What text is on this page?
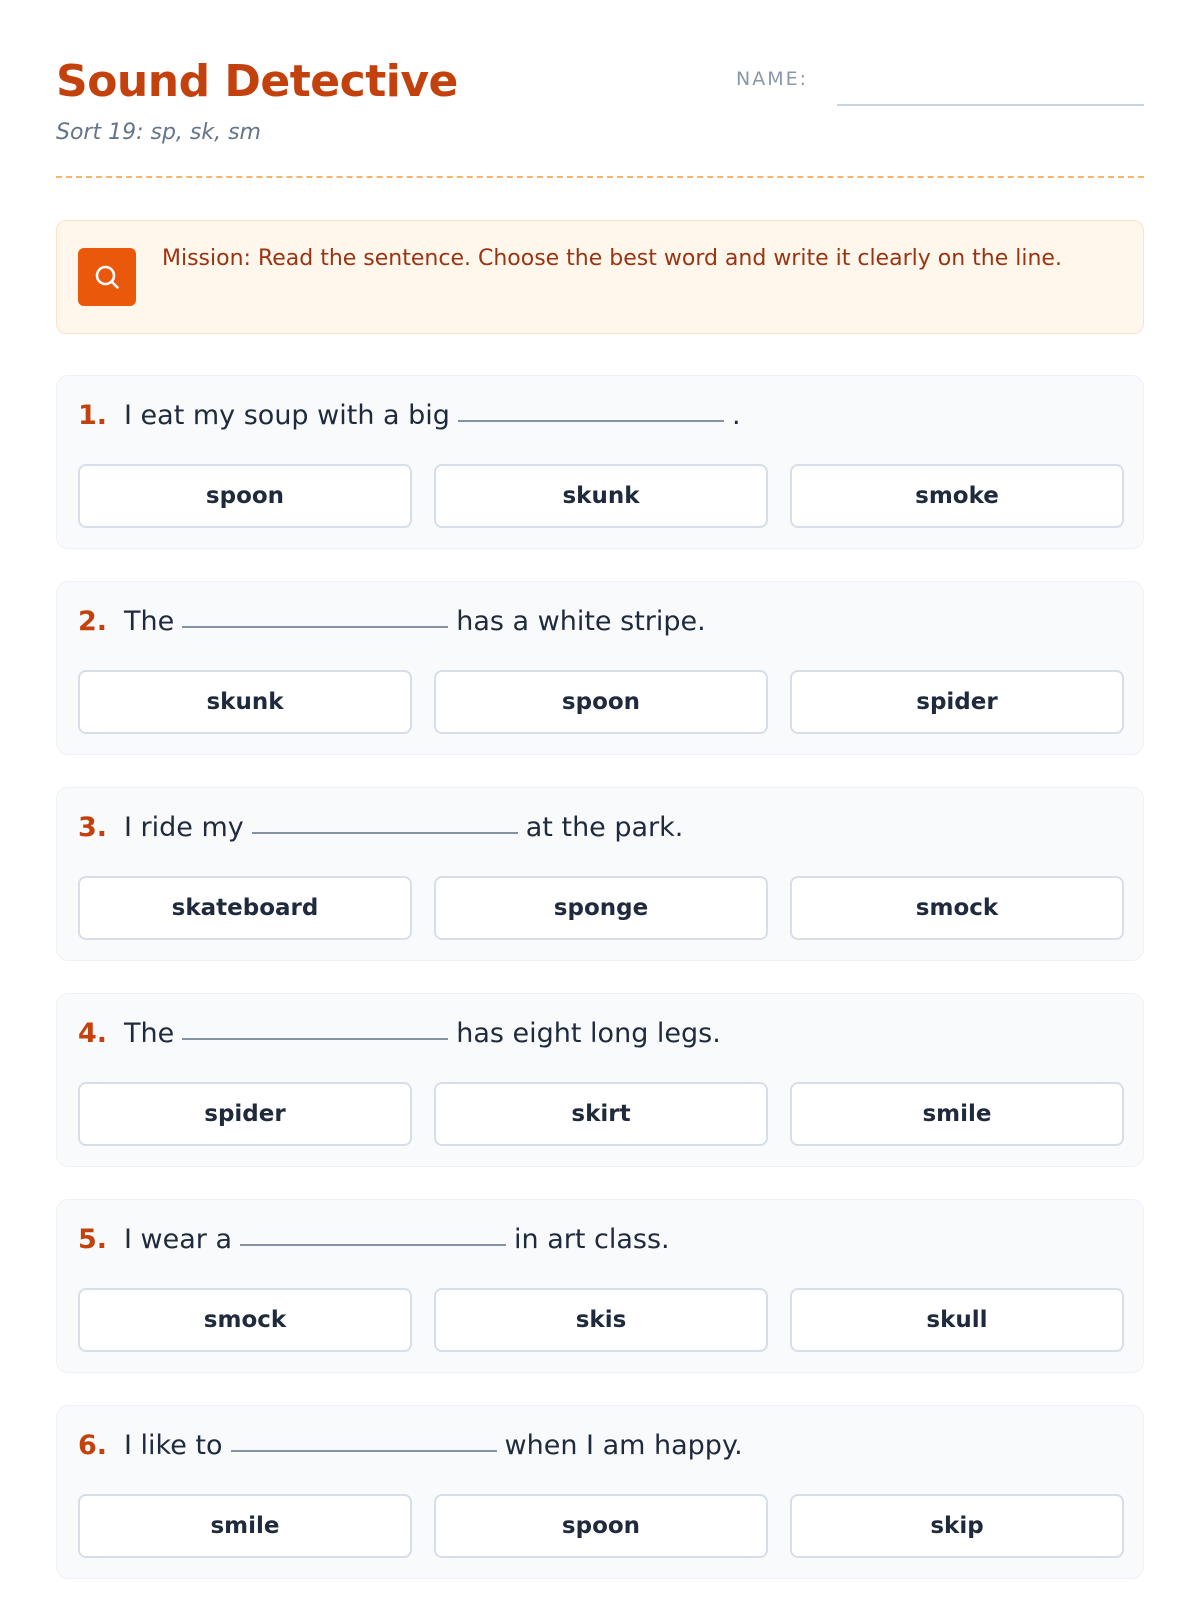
Sound Detective
Sort 19: sp, sk, sm
NAME:
Mission: Read the sentence. Choose the best word and write it clearly on the line.
1. I eat my soup with a big	.
spoon	skunk	smoke
2. The	has a white stripe.
skunk	spoon	spider
3. I ride my	at the park.
skateboard	sponge	smock
4. The	has eight long legs.
spider	skirt	smile
5. I wear a	in art class.
smock	skis	skull
6. I like to	when I am happy.
smile	spoon	skip
